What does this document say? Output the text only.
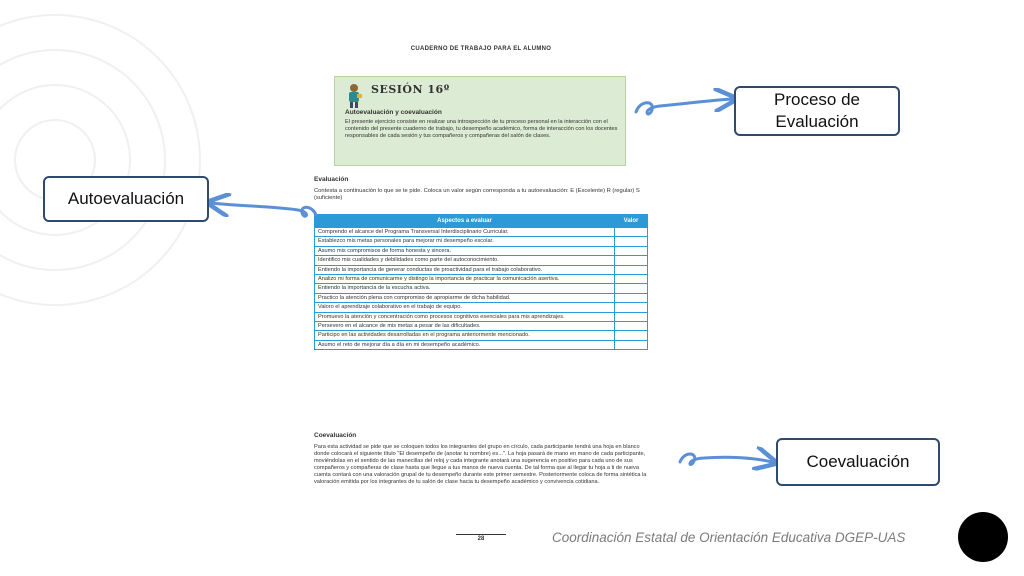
CUADERNO DE TRABAJO PARA EL ALUMNO
SESIÓN 16º
Autoevaluación y coevaluación
El presente ejercicio consiste en realizar una introspección de tu proceso personal en la interacción con el contenido del presente cuaderno de trabajo, tu desempeño académico, forma de interacción con los docentes responsables de cada sesión y tus compañeros y compañeras del salón de clases.
Evaluación
Contesta a continuación lo que se te pide. Coloca un valor según corresponda a tu autoevaluación: E (Excelente) R (regular) S (suficiente)
Aspectos a evaluar	Valor
Comprendo el alcance del Programa Transversal Interdisciplinario Curricular.	
Establezco mis metas personales para mejorar mi desempeño escolar.	
Asumo mis compromisos de forma honesta y sincera.	
Identifico mis cualidades y debilidades como parte del autoconocimiento.	
Entiendo la importancia de generar conductas de proactividad para el trabajo colaborativo.	
Analizo mi forma de comunicarme y distingo la importancia de practicar la comunicación asertiva.	
Entiendo la importancia de la escucha activa.	
Practico la atención plena con compromiso de apropiarme de dicha habilidad.	
Valoro el aprendizaje colaborativo en el trabajo de equipo.	
Promuevo la atención y concentración como procesos cognitivos esenciales para mis aprendizajes.	
Persevero en el alcance de mis metas a pesar de las dificultades.	
Participo en las actividades desarrolladas en el programa anteriormente mencionado.	
Asumo el reto de mejorar día a día en mi desempeño académico.	
Coevaluación
Para esta actividad se pide que se coloquen todos los integrantes del grupo en círculo, cada participante tendrá una hoja en blanco donde colocará el siguiente título "El desempeño de (anotar tu nombre) es...". La hoja pasará de mano en mano de cada participante, moviéndolas en el sentido de las manecillas del reloj y cada integrante anotará una sugerencia en positivo para cada uno de sus compañeros y compañeras de clase hasta que llegue a tus manos de nueva cuenta. De tal forma que al llegar tu hoja a ti de nueva cuenta contará con una valoración grupal de tu desempeño durante este primer semestre. Posteriormente coloca de forma sintética la valoración emitida por los integrantes de tu salón de clase hacia tu desempeño académico y convivencia cotidiana.
28
Proceso de Evaluación
Autoevaluación
Coevaluación
Coordinación Estatal de Orientación Educativa DGEP-UAS
